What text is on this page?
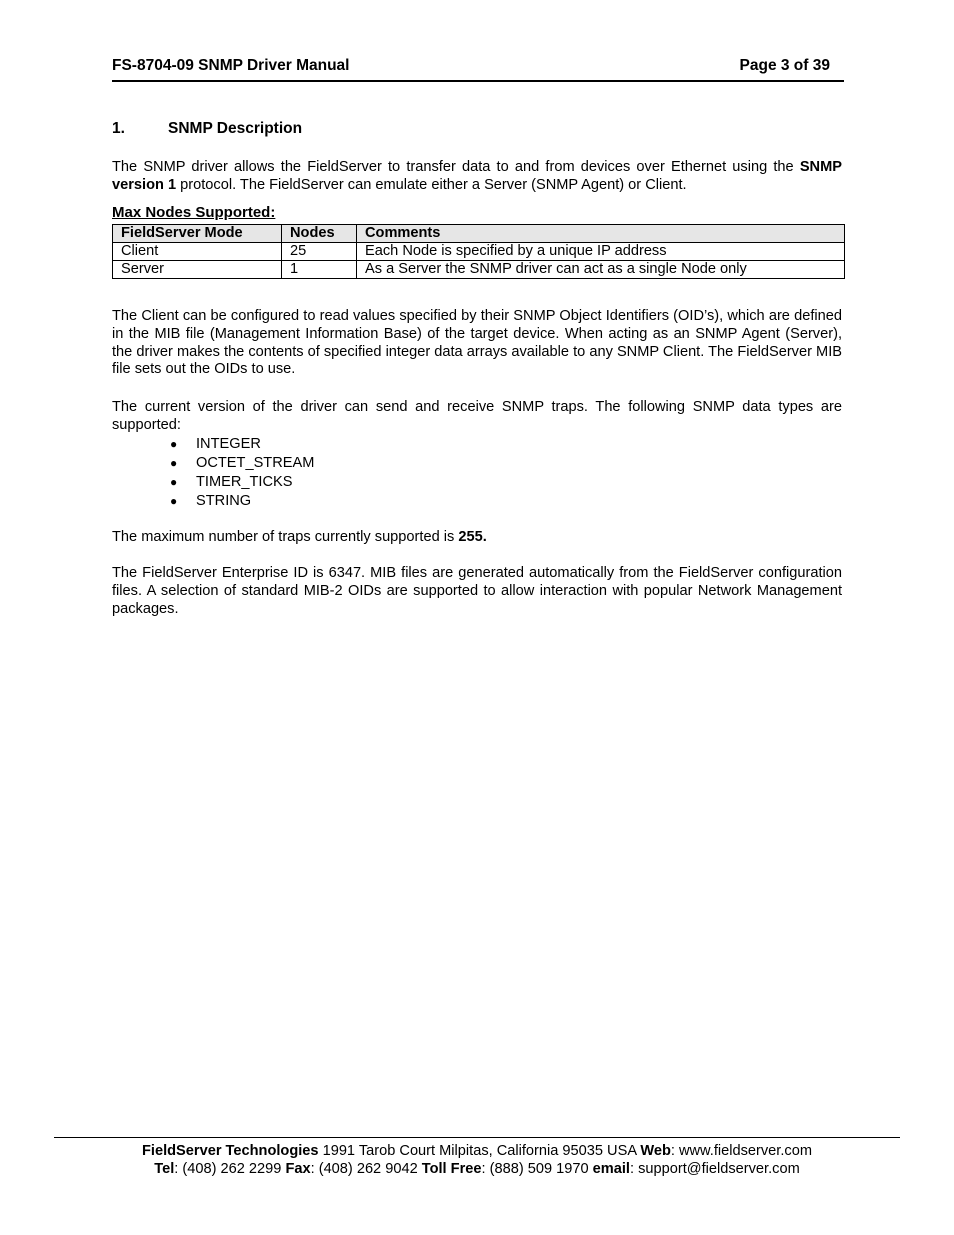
FS-8704-09 SNMP Driver Manual	Page 3 of 39
1.	SNMP Description
The SNMP driver allows the FieldServer to transfer data to and from devices over Ethernet using the SNMP version 1 protocol. The FieldServer can emulate either a Server (SNMP Agent) or Client.
Max Nodes Supported:
FieldServer Mode	Nodes	Comments
Client	25	Each Node is specified by a unique IP address
Server	1	As a Server the SNMP driver can act as a single Node only
The Client can be configured to read values specified by their SNMP Object Identifiers (OID’s), which are defined in the MIB file (Management Information Base) of the target device. When acting as an SNMP Agent (Server), the driver makes the contents of specified integer data arrays available to any SNMP Client. The FieldServer MIB file sets out the OIDs to use.
The current version of the driver can send and receive SNMP traps. The following SNMP data types are supported:
● INTEGER
● OCTET_STREAM
● TIMER_TICKS
● STRING
The maximum number of traps currently supported is 255.
The FieldServer Enterprise ID is 6347. MIB files are generated automatically from the FieldServer configuration files. A selection of standard MIB-2 OIDs are supported to allow interaction with popular Network Management packages.
FieldServer Technologies 1991 Tarob Court Milpitas, California 95035 USA Web: www.fieldserver.com
Tel: (408) 262 2299 Fax: (408) 262 9042 Toll Free: (888) 509 1970 email: support@fieldserver.com
